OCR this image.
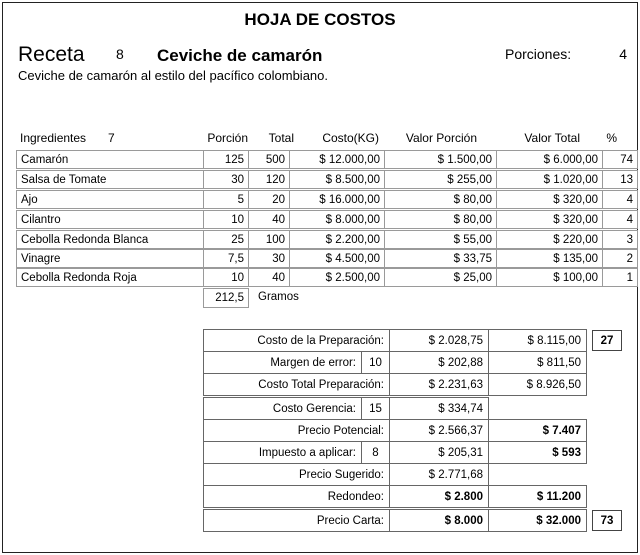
HOJA DE COSTOS
Receta 8 Ceviche de camarón	Porciones:	4
Ceviche de camarón al estilo del pacífico colombiano.
Ingredientes 7	Porción	Total	Costo(KG)	Valor Porción	Valor Total	%
Camarón	125	500	$ 12.000,00	$ 1.500,00	$ 6.000,00	74
Salsa de Tomate	30	120	$ 8.500,00	$ 255,00	$ 1.020,00	13
Ajo	5	20	$ 16.000,00	$ 80,00	$ 320,00	4
Cilantro	10	40	$ 8.000,00	$ 80,00	$ 320,00	4
Cebolla Redonda Blanca	25	100	$ 2.200,00	$ 55,00	$ 220,00	3
Vinagre	7,5	30	$ 4.500,00	$ 33,75	$ 135,00	2
Cebolla Redonda Roja	10	40	$ 2.500,00	$ 25,00	$ 100,00	1
212,5	Gramos
Costo de la Preparación:	$ 2.028,75	$ 8.115,00	27
Margen de error:	10	$ 202,88	$ 811,50
Costo Total Preparación:	$ 2.231,63	$ 8.926,50
Costo Gerencia:	15	$ 334,74
Precio Potencial:	$ 2.566,37	$ 7.407
Impuesto a aplicar:	8	$ 205,31	$ 593
Precio Sugerido:	$ 2.771,68
Redondeo:	$ 2.800	$ 11.200
Precio Carta:	$ 8.000	$ 32.000	73
